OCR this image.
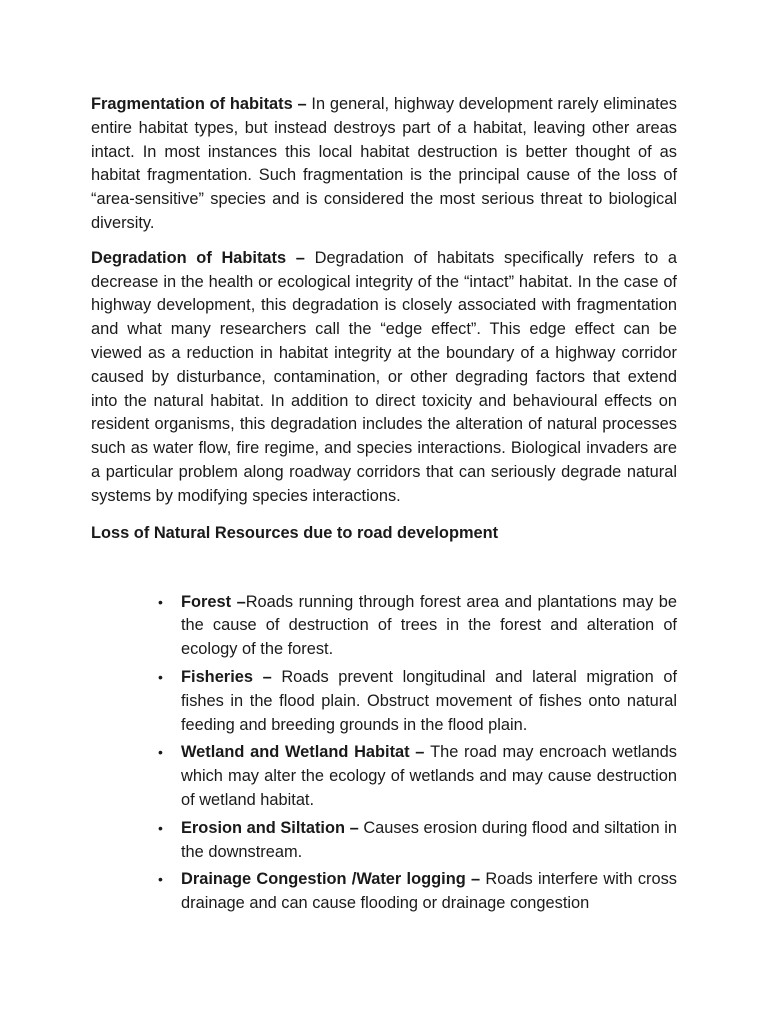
Fragmentation of habitats – In general, highway development rarely eliminates entire habitat types, but instead destroys part of a habitat, leaving other areas intact. In most instances this local habitat destruction is better thought of as habitat fragmentation. Such fragmentation is the principal cause of the loss of “area-sensitive” species and is considered the most serious threat to biological diversity.

Degradation of Habitats – Degradation of habitats specifically refers to a decrease in the health or ecological integrity of the “intact” habitat. In the case of highway development, this degradation is closely associated with fragmentation and what many researchers call the “edge effect”. This edge effect can be viewed as a reduction in habitat integrity at the boundary of a highway corridor caused by disturbance, contamination, or other degrading factors that extend into the natural habitat. In addition to direct toxicity and behavioural effects on resident organisms, this degradation includes the alteration of natural processes such as water flow, fire regime, and species interactions. Biological invaders are a particular problem along roadway corridors that can seriously degrade natural systems by modifying species interactions.

Loss of Natural Resources due to road development
• Forest –Roads running through forest area and plantations may be the cause of destruction of trees in the forest and alteration of ecology of the forest.
• Fisheries – Roads prevent longitudinal and lateral migration of fishes in the flood plain. Obstruct movement of fishes onto natural feeding and breeding grounds in the flood plain.
• Wetland and Wetland Habitat – The road may encroach wetlands which may alter the ecology of wetlands and may cause destruction of wetland habitat.
• Erosion and Siltation – Causes erosion during flood and siltation in the downstream.
• Drainage Congestion /Water logging – Roads interfere with cross drainage and can cause flooding or drainage congestion
